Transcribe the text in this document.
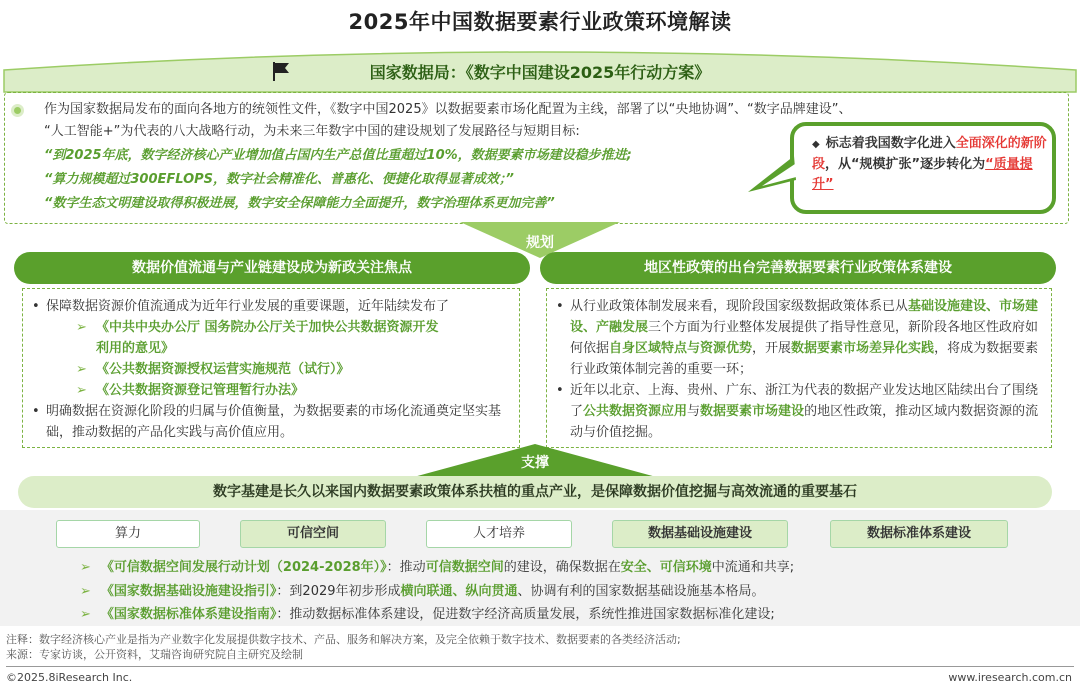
2025年中国数据要素行业政策环境解读
国家数据局：《数字中国建设2025年行动方案》
作为国家数据局发布的面向各地方的统领性文件，《数字中国2025》以数据要素市场化配置为主线，部署了以“央地协调”、“数字品牌建设”、
“人工智能+”为代表的八大战略行动，为未来三年数字中国的建设规划了发展路径与短期目标:
“到2025年底，数字经济核心产业增加值占国内生产总值比重超过10%，数据要素市场建设稳步推进;
“算力规模超过300EFLOPS，数字社会精准化、普惠化、便捷化取得显著成效；”
“数字生态文明建设取得积极进展，数字安全保障能力全面提升，数字治理体系更加完善”
◆ 标志着我国数字化进入全面深化的新阶段，从“规模扩张”逐步转化为“质量提升”
规划
数据价值流通与产业链建设成为新政关注焦点
• 保障数据资源价值流通成为近年行业发展的重要课题，近年陆续发布了
➢ 《中共中央办公厅 国务院办公厅关于加快公共数据资源开发
利用的意见》
➢ 《公共数据资源授权运营实施规范（试行）》
➢ 《公共数据资源登记管理暂行办法》
• 明确数据在资源化阶段的归属与价值衡量，为数据要素的市场化流通奠定坚实基础，推动数据的产品化实践与高价值应用。
地区性政策的出台完善数据要素行业政策体系建设
• 从行业政策体制发展来看，现阶段国家级数据政策体系已从基础设施建设、市场建设、产融发展三个方面为行业整体发展提供了指导性意见，新阶段各地区性政府如何依据自身区域特点与资源优势，开展数据要素市场差异化实践，将成为数据要素行业政策体制完善的重要一环；
• 近年以北京、上海、贵州、广东、浙江为代表的数据产业发达地区陆续出台了围绕了公共数据资源应用与数据要素市场建设的地区性政策，推动区域内数据资源的流动与价值挖掘。
支撑
数字基建是长久以来国内数据要素政策体系扶植的重点产业，是保障数据价值挖掘与高效流通的重要基石
算力	可信空间	人才培养	数据基础设施建设	数据标准体系建设
➢ 《可信数据空间发展行动计划（2024-2028年）》：推动可信数据空间的建设，确保数据在安全、可信环境中流通和共享;
➢ 《国家数据基础设施建设指引》：到2029年初步形成横向联通、纵向贯通、协调有利的国家数据基础设施基本格局。
➢ 《国家数据标准体系建设指南》：推动数据标准体系建设，促进数字经济高质量发展，系统性推进国家数据标准化建设;
注释：数字经济核心产业是指为产业数字化发展提供数字技术、产品、服务和解决方案，及完全依赖于数字技术、数据要素的各类经济活动;
来源：专家访谈，公开资料，艾瑞咨询研究院自主研究及绘制
©2025.8iResearch Inc.	www.iresearch.com.cn
